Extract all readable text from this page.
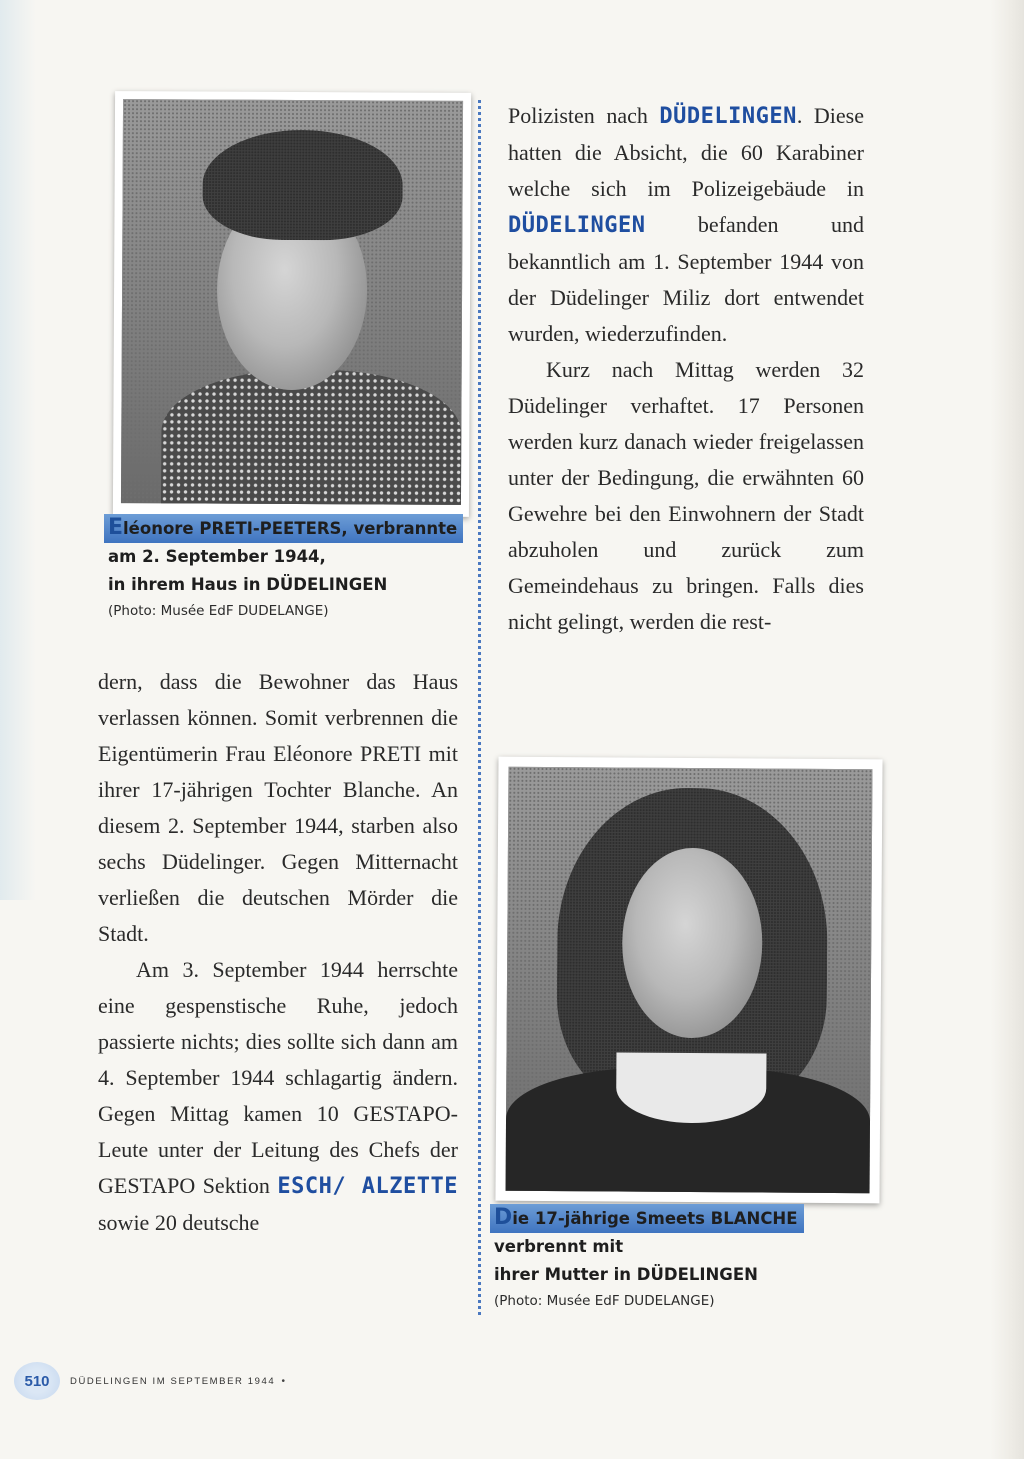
Eléonore PRETI-PEETERS, verbrannte
am 2. September 1944,
in ihrem Haus in DÜDELINGEN
(Photo: Musée EdF DUDELANGE)

dern, dass die Bewohner das Haus verlassen können. Somit verbrennen die Eigentümerin Frau Eléonore PRETI mit ihrer 17-jährigen Tochter Blanche. An diesem 2. September 1944, starben also sechs Düdelinger. Gegen Mitternacht verließen die deutschen Mörder die Stadt.

Am 3. September 1944 herrschte eine gespenstische Ruhe, jedoch passierte nichts; dies sollte sich dann am 4. September 1944 schlagartig ändern. Gegen Mittag kamen 10 GESTAPO-Leute unter der Leitung des Chefs der GESTAPO Sektion ESCH/ ALZETTE sowie 20 deutsche

Polizisten nach DÜDELINGEN. Diese hatten die Absicht, die 60 Karabiner welche sich im Polizeigebäude in DÜDELINGEN befanden und bekanntlich am 1. September 1944 von der Düdelinger Miliz dort entwendet wurden, wiederzufinden.

Kurz nach Mittag werden 32 Düdelinger verhaftet. 17 Personen werden kurz danach wieder freigelassen unter der Bedingung, die erwähnten 60 Gewehre bei den Einwohnern der Stadt abzuholen und zurück zum Gemeindehaus zu bringen. Falls dies nicht gelingt, werden die rest-

Die 17-jährige Smeets BLANCHE
verbrennt mit
ihrer Mutter in DÜDELINGEN
(Photo: Musée EdF DUDELANGE)
510	DÜDELINGEN IM SEPTEMBER 1944 •
